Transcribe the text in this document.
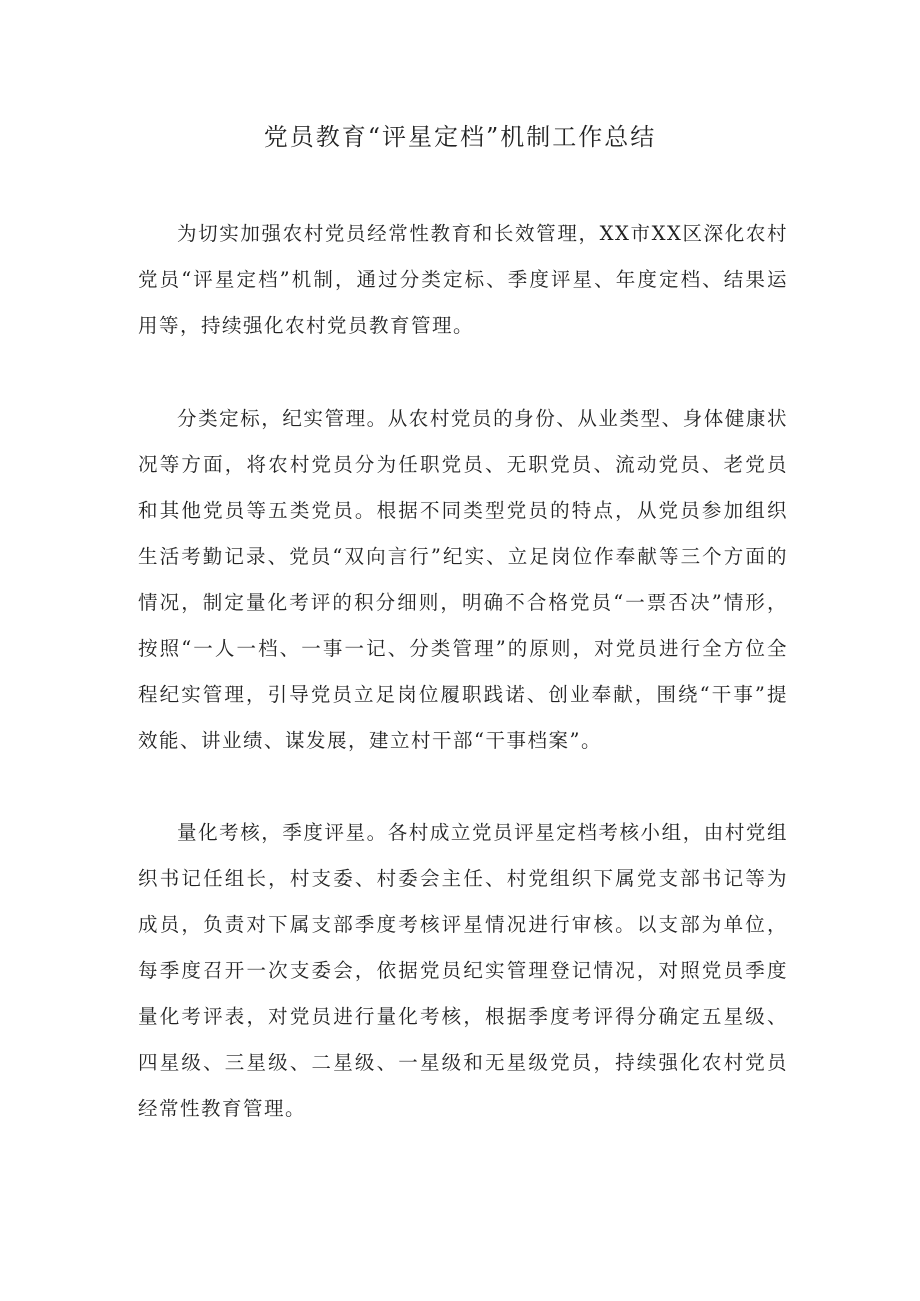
党员教育“评星定档”机制工作总结

为切实加强农村党员经常性教育和长效管理，XX市XX区深化农村党员“评星定档”机制，通过分类定标、季度评星、年度定档、结果运用等，持续强化农村党员教育管理。

分类定标，纪实管理。从农村党员的身份、从业类型、身体健康状况等方面，将农村党员分为任职党员、无职党员、流动党员、老党员和其他党员等五类党员。根据不同类型党员的特点，从党员参加组织生活考勤记录、党员“双向言行”纪实、立足岗位作奉献等三个方面的情况，制定量化考评的积分细则，明确不合格党员“一票否决”情形，按照“一人一档、一事一记、分类管理”的原则，对党员进行全方位全程纪实管理，引导党员立足岗位履职践诺、创业奉献，围绕“干事”提效能、讲业绩、谋发展，建立村干部“干事档案”。

量化考核，季度评星。各村成立党员评星定档考核小组，由村党组织书记任组长，村支委、村委会主任、村党组织下属党支部书记等为成员，负责对下属支部季度考核评星情况进行审核。以支部为单位，每季度召开一次支委会，依据党员纪实管理登记情况，对照党员季度量化考评表，对党员进行量化考核，根据季度考评得分确定五星级、四星级、三星级、二星级、一星级和无星级党员，持续强化农村党员经常性教育管理。
